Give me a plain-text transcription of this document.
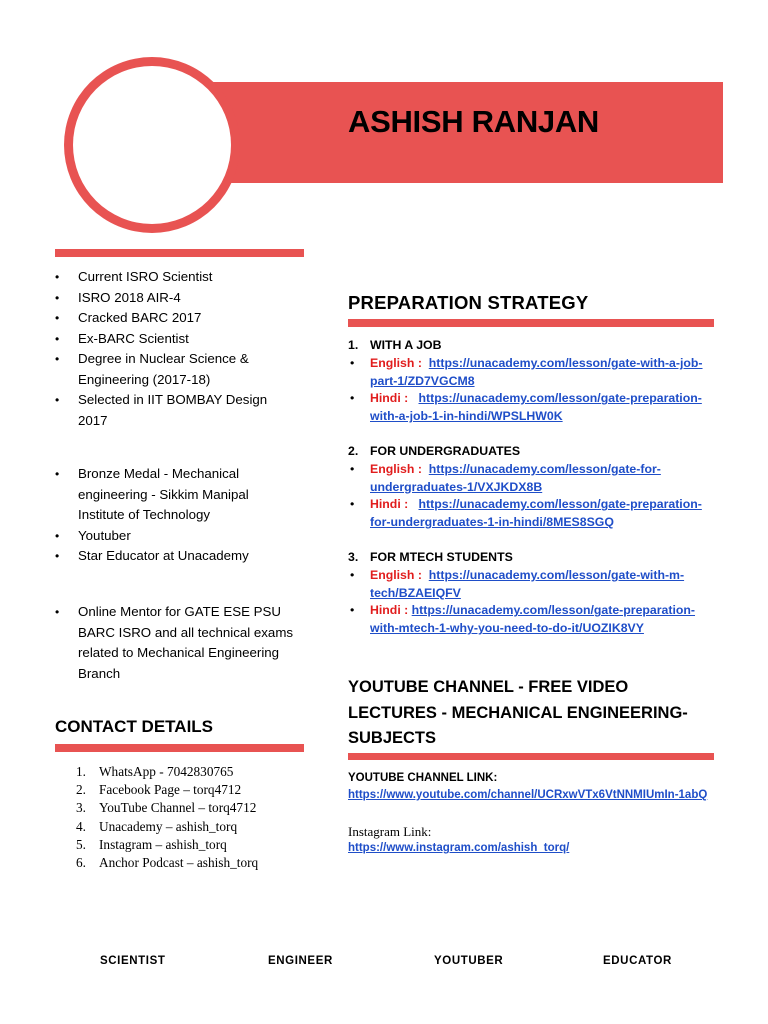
ASHISH RANJAN
• Current ISRO Scientist
• ISRO 2018 AIR-4
• Cracked BARC 2017
• Ex-BARC Scientist
• Degree in Nuclear Science & Engineering (2017-18)
• Selected in IIT BOMBAY Design 2017
• Bronze Medal - Mechanical engineering - Sikkim Manipal Institute of Technology
• Youtuber
• Star Educator at Unacademy
• Online Mentor for GATE ESE PSU BARC ISRO and all technical exams related to Mechanical Engineering Branch
CONTACT DETAILS
1. WhatsApp - 7042830765
2. Facebook Page – torq4712
3. YouTube Channel – torq4712
4. Unacademy – ashish_torq
5. Instagram – ashish_torq
6. Anchor Podcast – ashish_torq
PREPARATION STRATEGY
1. WITH A JOB
• English : https://unacademy.com/lesson/gate-with-a-job-part-1/ZD7VGCM8
• Hindi : https://unacademy.com/lesson/gate-preparation-with-a-job-1-in-hindi/WPSLHW0K
2. FOR UNDERGRADUATES
• English : https://unacademy.com/lesson/gate-for-undergraduates-1/VXJKDX8B
• Hindi : https://unacademy.com/lesson/gate-preparation-for-undergraduates-1-in-hindi/8MES8SGQ
3. FOR MTECH STUDENTS
• English : https://unacademy.com/lesson/gate-with-m-tech/BZAEIQFV
• Hindi : https://unacademy.com/lesson/gate-preparation-with-mtech-1-why-you-need-to-do-it/UOZIK8VY
YOUTUBE CHANNEL - FREE VIDEO LECTURES - MECHANICAL ENGINEERING- SUBJECTS
YOUTUBE CHANNEL LINK:
https://www.youtube.com/channel/UCRxwVTx6VtNNMIUmIn-1abQ
Instagram Link:
https://www.instagram.com/ashish_torq/
SCIENTIST	ENGINEER	YOUTUBER	EDUCATOR
